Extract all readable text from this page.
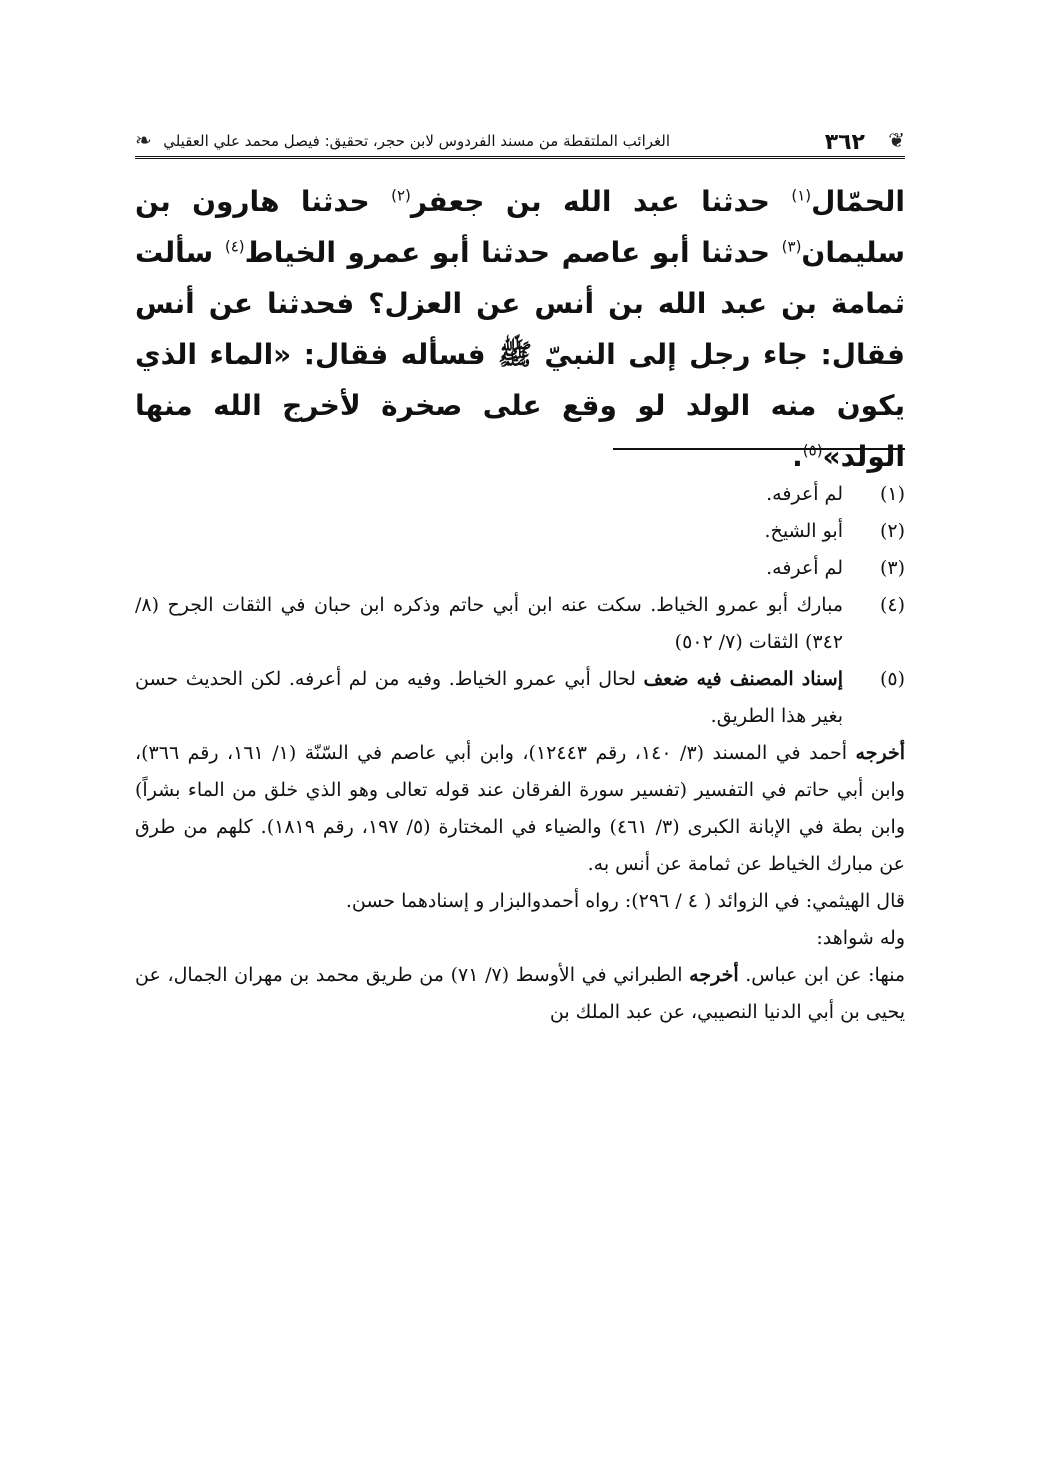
❦
٣٦٢
الغرائب الملتقطة من مسند الفردوس لابن حجر، تحقيق: فيصل محمد علي العقيلي
❧

الحمّال$^{(١)}$ حدثنا عبد الله بن جعفر$^{(٢)}$ حدثنا هارون بن سليمان$^{(٣)}$ حدثنا أبو عاصم حدثنا أبو عمرو الخياط$^{(٤)}$ سألت ثمامة بن عبد الله بن أنس عن العزل؟ فحدثنا عن أنس فقال: جاء رجل إلى النبيّ ﷺ فسأله فقال: «الماء الذي يكون منه الولد لو وقع على صخرة لأخرج الله منها الولد»$^{(٥)}$.

(١)
لم أعرفه.
(٢)
أبو الشيخ.
(٣)
لم أعرفه.
(٤)
مبارك أبو عمرو الخياط. سكت عنه ابن أبي حاتم وذكره ابن حبان في الثقات الجرح (٨/ ٣٤٢) الثقات (٧/ ٥٠٢)
(٥)
إسناد المصنف فيه ضعف لحال أبي عمرو الخياط. وفيه من لم أعرفه. لكن الحديث حسن بغير هذا الطريق.
أخرجه أحمد في المسند (٣/ ١٤٠، رقم ١٢٤٤٣)، وابن أبي عاصم في السّنّة (١/ ١٦١، رقم ٣٦٦)، وابن أبي حاتم في التفسير (تفسير سورة الفرقان عند قوله تعالى وهو الذي خلق من الماء بشراً) وابن بطة في الإبانة الكبرى (٣/ ٤٦١) والضياء في المختارة (٥/ ١٩٧، رقم ١٨١٩). كلهم من طرق عن مبارك الخياط عن ثمامة عن أنس به.
قال الهيثمي: في الزوائد ( ٤ / ٢٩٦): رواه أحمدوالبزار و إسنادهما حسن.
وله شواهد:
منها: عن ابن عباس. أخرجه الطبراني في الأوسط (٧/ ٧١) من طريق محمد بن مهران الجمال، عن يحيى بن أبي الدنيا النصيبي، عن عبد الملك بن
